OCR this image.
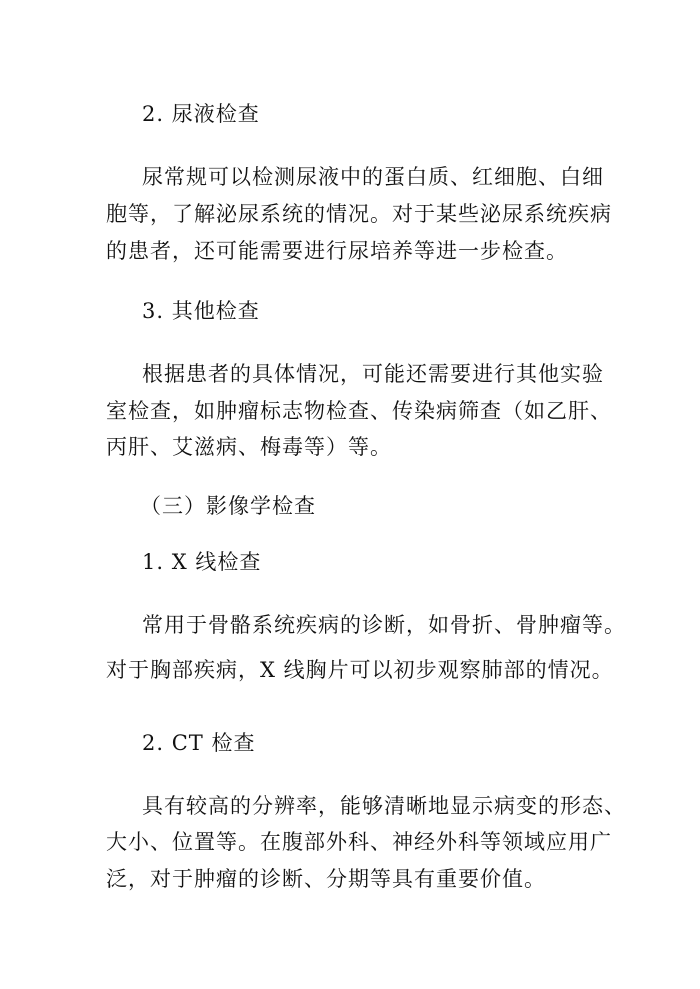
2. 尿液检查
尿常规可以检测尿液中的蛋白质、红细胞、白细
胞等，了解泌尿系统的情况。对于某些泌尿系统疾病
的患者，还可能需要进行尿培养等进一步检查。
3. 其他检查
根据患者的具体情况，可能还需要进行其他实验
室检查，如肿瘤标志物检查、传染病筛查（如乙肝、
丙肝、艾滋病、梅毒等）等。
（三）影像学检查
1. X 线检查
常用于骨骼系统疾病的诊断，如骨折、骨肿瘤等。
对于胸部疾病，X 线胸片可以初步观察肺部的情况。
2. CT 检查
具有较高的分辨率，能够清晰地显示病变的形态、
大小、位置等。在腹部外科、神经外科等领域应用广
泛，对于肿瘤的诊断、分期等具有重要价值。
